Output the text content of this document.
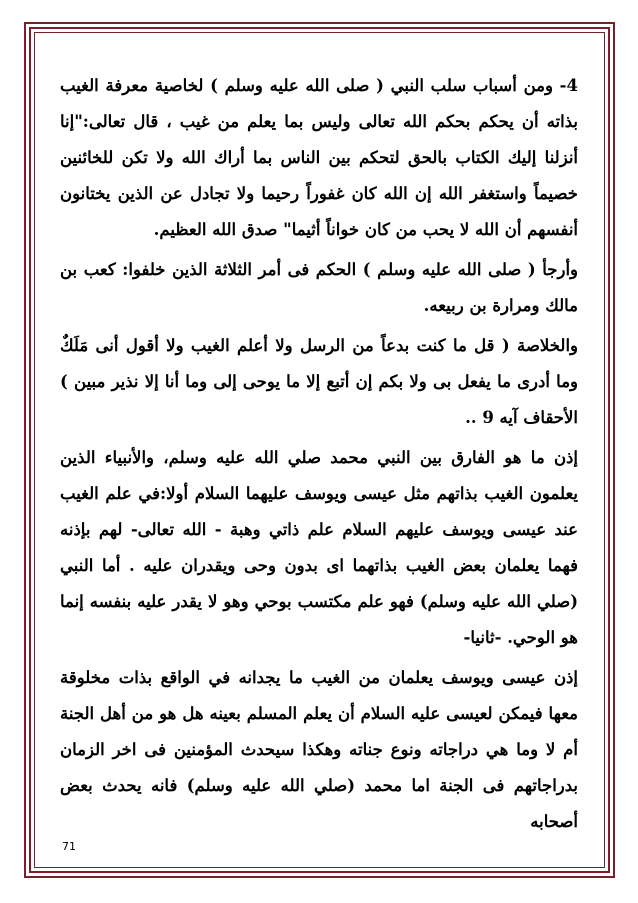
4- ومن أسباب سلب النبي ( صلى الله عليه وسلم ) لخاصية معرفة الغيب بذاته أن يحكم بحكم الله تعالى وليس بما يعلم من غيب ، قال تعالى:"إنا أنزلنا إليك الكتاب بالحق لتحكم بين الناس بما أراك الله ولا تكن للخائنين خصيماً واستغفر الله إن الله كان غفوراً رحيما ولا تجادل عن الذين يختانون أنفسهم أن الله لا يحب من كان خواناً أثيما" صدق الله العظيم.

وأرجأ ( صلى الله عليه وسلم ) الحكم فى أمر الثلاثة الذين خلفوا: كعب بن مالك ومرارة بن ربيعه.

والخلاصة ( قل ما كنت بدعاً من الرسل ولا أعلم الغيب ولا أقول أنى مَلَكٌ وما أدرى ما يفعل بى ولا بكم إن أتبع إلا ما يوحى إلى وما أنا إلا نذير مبين ) الأحقاف آيه 9 ..

إذن ما هو الفارق بين النبي محمد صلي الله عليه وسلم، والأنبياء الذين يعلمون الغيب بذاتهم مثل عيسى ويوسف عليهما السلام أولا:في علم الغيب عند عيسى ويوسف عليهم السلام علم ذاتي وهبة - الله تعالى- لهم بإذنه فهما يعلمان بعض الغيب بذاتهما اى بدون وحى ويقدران عليه . أما النبي (صلي الله عليه وسلم) فهو علم مكتسب بوحي وهو لا يقدر عليه بنفسه إنما هو الوحي. -ثانيا-

إذن عيسى ويوسف يعلمان من الغيب ما يجدانه في الواقع بذات مخلوقة معها فيمكن لعيسى عليه السلام أن يعلم المسلم بعينه هل هو من أهل الجنة أم لا وما هي دراجاته ونوع جناته وهكذا سيحدث المؤمنين فى اخر الزمان بدراجاتهم فى الجنة اما محمد (صلي الله عليه وسلم) فانه يحدث بعض أصحابه

71
